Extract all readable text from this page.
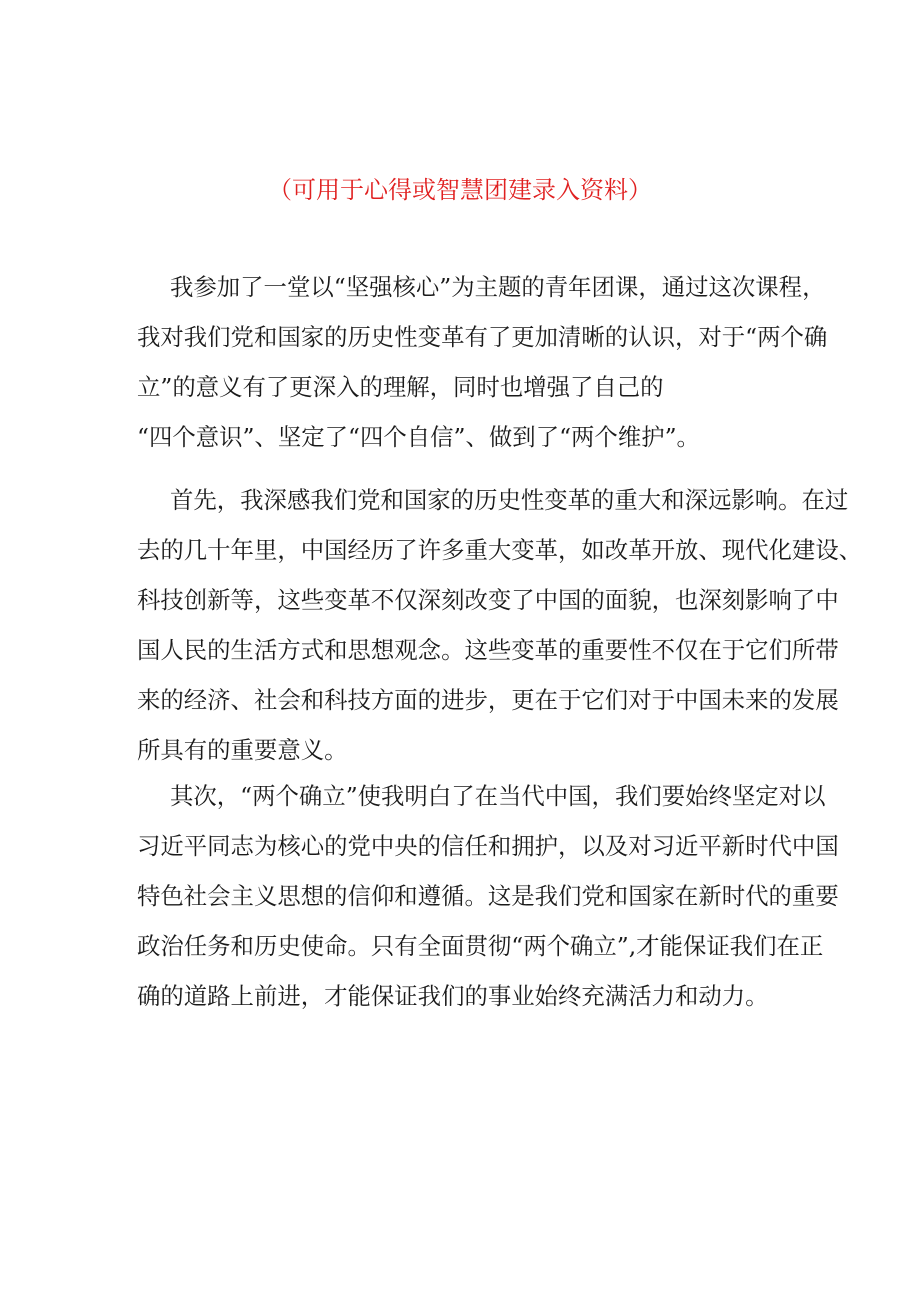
（可用于心得或智慧团建录入资料）

我参加了一堂以“坚强核心”为主题的青年团课，通过这次课程，
我对我们党和国家的历史性变革有了更加清晰的认识，对于“两个确
立”的意义有了更深入的理解，同时也增强了自己的
“四个意识”、坚定了“四个自信”、做到了“两个维护”。

首先，我深感我们党和国家的历史性变革的重大和深远影响。在过
去的几十年里，中国经历了许多重大变革，如改革开放、现代化建设、
科技创新等，这些变革不仅深刻改变了中国的面貌，也深刻影响了中
国人民的生活方式和思想观念。这些变革的重要性不仅在于它们所带
来的经济、社会和科技方面的进步，更在于它们对于中国未来的发展
所具有的重要意义。

其次，“两个确立”使我明白了在当代中国，我们要始终坚定对以
习近平同志为核心的党中央的信任和拥护，以及对习近平新时代中国
特色社会主义思想的信仰和遵循。这是我们党和国家在新时代的重要
政治任务和历史使命。只有全面贯彻“两个确立”,才能保证我们在正
确的道路上前进，才能保证我们的事业始终充满活力和动力。
